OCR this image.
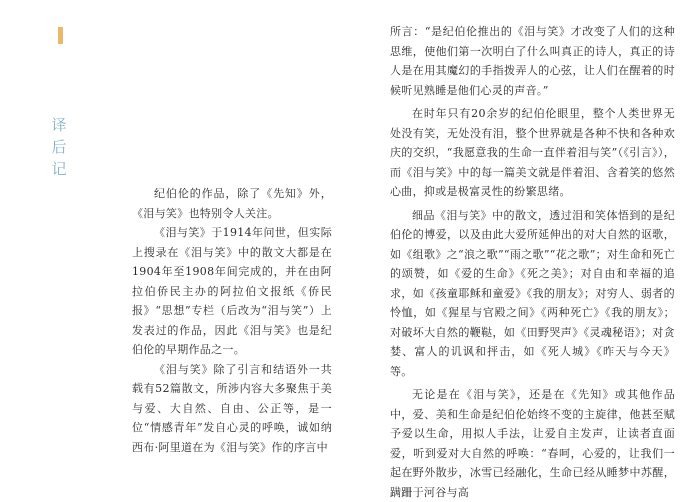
译
后
记

纪伯伦的作品，除了《先知》外，《泪与笑》也特别令人关注。

《泪与笑》于1914年问世，但实际上搜录在《泪与笑》中的散文大都是在1904年至1908年间完成的，并在由阿拉伯侨民主办的阿拉伯文报纸《侨民报》“思想”专栏（后改为“泪与笑”）上发表过的作品，因此《泪与笑》也是纪伯伦的早期作品之一。

《泪与笑》除了引言和结语外一共载有52篇散文，所涉内容大多聚焦于美与爱、大自然、自由、公正等，是一位“情感青年”发自心灵的呼唤，诚如纳西布·阿里道在为《泪与笑》作的序言中

所言：“是纪伯伦推出的《泪与笑》才改变了人们的这种思维，使他们第一次明白了什么叫真正的诗人，真正的诗人是在用其魔幻的手指拨弄人的心弦，让人们在醒着的时候听见熟睡是他们心灵的声音。”

在时年只有20余岁的纪伯伦眼里，整个人类世界无处没有笑，无处没有泪，整个世界就是各种不快和各种欢庆的交织，“我愿意我的生命一直伴着泪与笑”（《引言》），而《泪与笑》中的每一篇美文就是伴着泪、含着笑的悠然心曲，抑或是极富灵性的纷繁思绪。

细品《泪与笑》中的散文，透过泪和笑体悟到的是纪伯伦的博爱，以及由此大爱所延伸出的对大自然的讴歌，如《组歌》之“浪之歌”“雨之歌”“花之歌”；对生命和死亡的颂赞，如《爱的生命》《死之美》；对自由和幸福的追求，如《孩童耶稣和童爱》《我的朋友》；对穷人、弱者的怜恤，如《猩星与官殿之间》《两种死亡》《我的朋友》；对破坏大自然的鞭鞑，如《田野哭声》《灵魂秘语》；对贪婪、富人的讥讽和抨击，如《死人城》《昨天与今天》等。

无论是在《泪与笑》，还是在《先知》或其他作品中，爱、美和生命是纪伯伦始终不变的主旋律，他甚至赋予爱以生命，用拟人手法，让爱自主发声，让读者直面爱，听到爱对大自然的呼唤：“春呵，心爱的，让我们一起在野外散步，冰雪已经融化，生命已经从睡梦中苏醒，蹒跚于河谷与高
